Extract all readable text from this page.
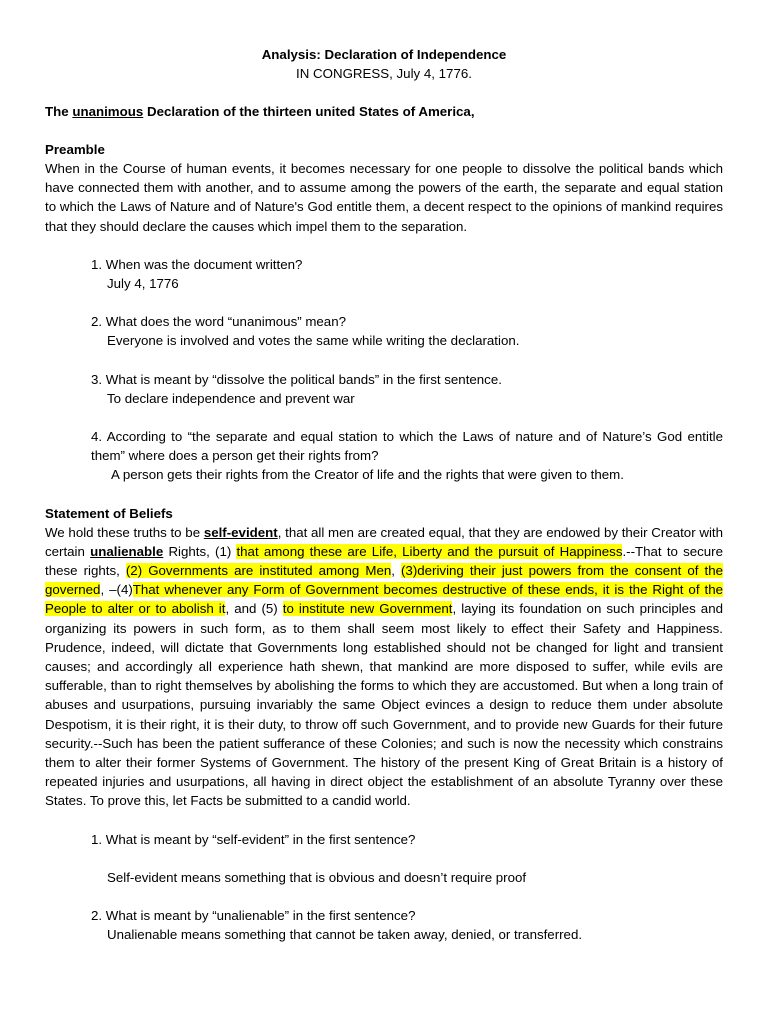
Analysis: Declaration of Independence
IN CONGRESS, July 4, 1776.
The unanimous Declaration of the thirteen united States of America,
Preamble

When in the Course of human events, it becomes necessary for one people to dissolve the political bands which have connected them with another, and to assume among the powers of the earth, the separate and equal station to which the Laws of Nature and of Nature's God entitle them, a decent respect to the opinions of mankind requires that they should declare the causes which impel them to the separation.

1. When was the document written?
July 4, 1776
2. What does the word “unanimous” mean?
Everyone is involved and votes the same while writing the declaration.
3. What is meant by “dissolve the political bands” in the first sentence.
To declare independence and prevent war
4. According to “the separate and equal station to which the Laws of nature and of Nature’s God entitle them” where does a person get their rights from?
A person gets their rights from the Creator of life and the rights that were given to them.
Statement of Beliefs

We hold these truths to be self-evident, that all men are created equal, that they are endowed by their Creator with certain unalienable Rights, (1) that among these are Life, Liberty and the pursuit of Happiness.--That to secure these rights, (2) Governments are instituted among Men, (3)deriving their just powers from the consent of the governed, –(4)That whenever any Form of Government becomes destructive of these ends, it is the Right of the People to alter or to abolish it, and (5) to institute new Government, laying its foundation on such principles and organizing its powers in such form, as to them shall seem most likely to effect their Safety and Happiness. Prudence, indeed, will dictate that Governments long established should not be changed for light and transient causes; and accordingly all experience hath shewn, that mankind are more disposed to suffer, while evils are sufferable, than to right themselves by abolishing the forms to which they are accustomed. But when a long train of abuses and usurpations, pursuing invariably the same Object evinces a design to reduce them under absolute Despotism, it is their right, it is their duty, to throw off such Government, and to provide new Guards for their future security.--Such has been the patient sufferance of these Colonies; and such is now the necessity which constrains them to alter their former Systems of Government. The history of the present King of Great Britain is a history of repeated injuries and usurpations, all having in direct object the establishment of an absolute Tyranny over these States. To prove this, let Facts be submitted to a candid world.

1. What is meant by “self-evident” in the first sentence?
Self-evident means something that is obvious and doesn’t require proof
2. What is meant by “unalienable” in the first sentence?
Unalienable means something that cannot be taken away, denied, or transferred.
